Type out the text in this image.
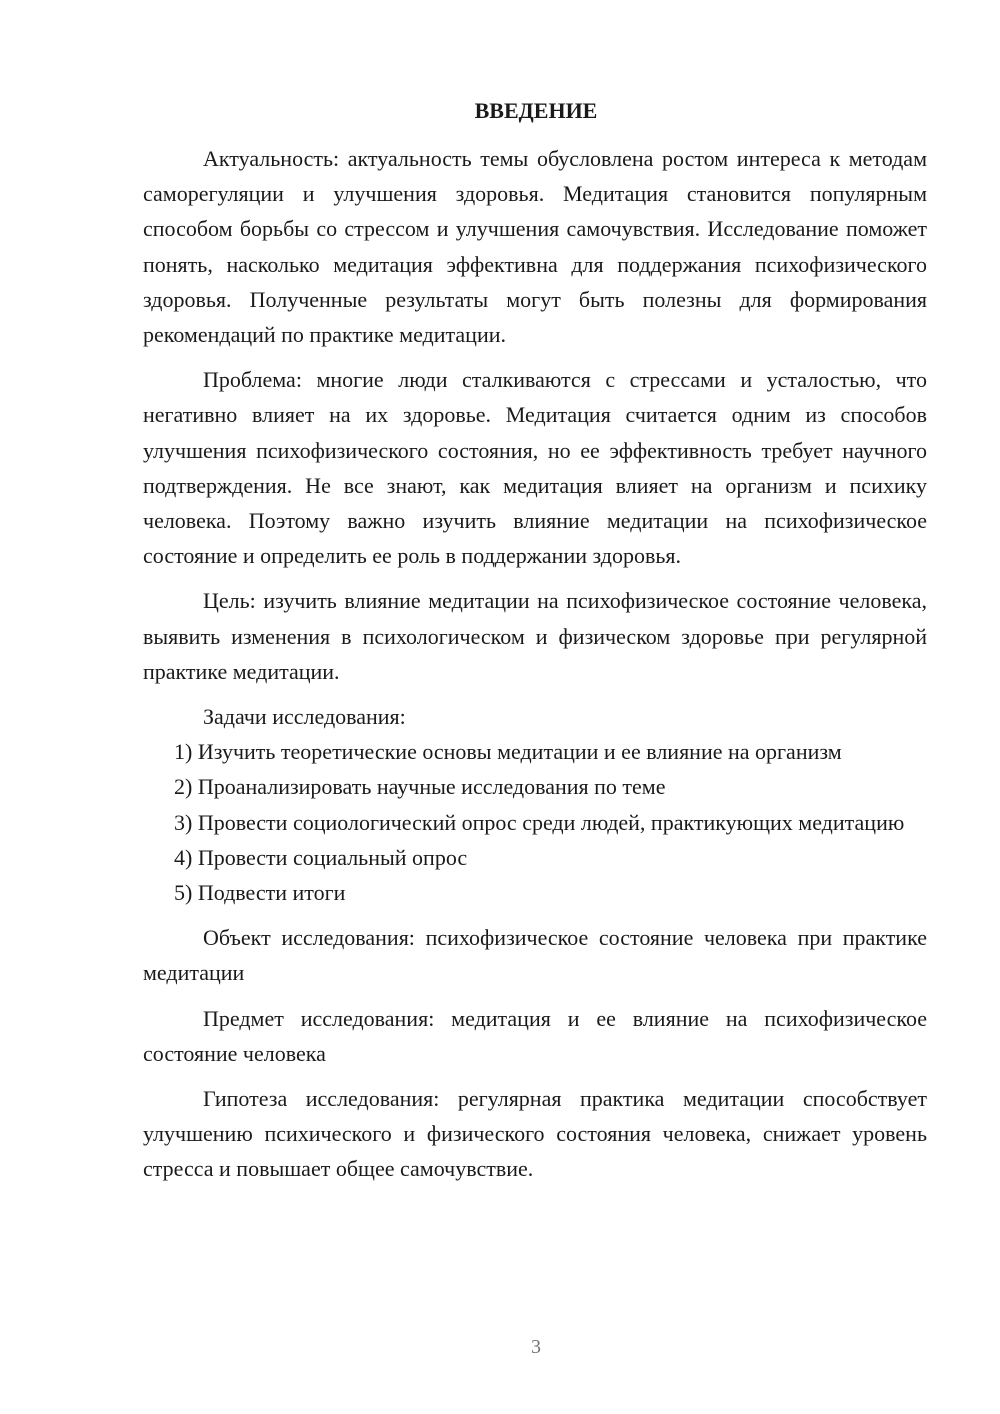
ВВЕДЕНИЕ

Актуальность: актуальность темы обусловлена ростом интереса к методам саморегуляции и улучшения здоровья. Медитация становится популярным способом борьбы со стрессом и улучшения самочувствия. Исследование поможет понять, насколько медитация эффективна для поддержания психофизического здоровья. Полученные результаты могут быть полезны для формирования рекомендаций по практике медитации.

Проблема: многие люди сталкиваются с стрессами и усталостью, что негативно влияет на их здоровье. Медитация считается одним из способов улучшения психофизического состояния, но ее эффективность требует научного подтверждения. Не все знают, как медитация влияет на организм и психику человека. Поэтому важно изучить влияние медитации на психофизическое состояние и определить ее роль в поддержании здоровья.

Цель: изучить влияние медитации на психофизическое состояние человека, выявить изменения в психологическом и физическом здоровье при регулярной практике медитации.

Задачи исследования:

1) Изучить теоретические основы медитации и ее влияние на организм

2) Проанализировать научные исследования по теме

3) Провести социологический опрос среди людей, практикующих медитацию

4) Провести социальный опрос

5) Подвести итоги

Объект исследования: психофизическое состояние человека при практике медитации

Предмет исследования: медитация и ее влияние на психофизическое состояние человека

Гипотеза исследования: регулярная практика медитации способствует улучшению психического и физического состояния человека, снижает уровень стресса и повышает общее самочувствие.

3
